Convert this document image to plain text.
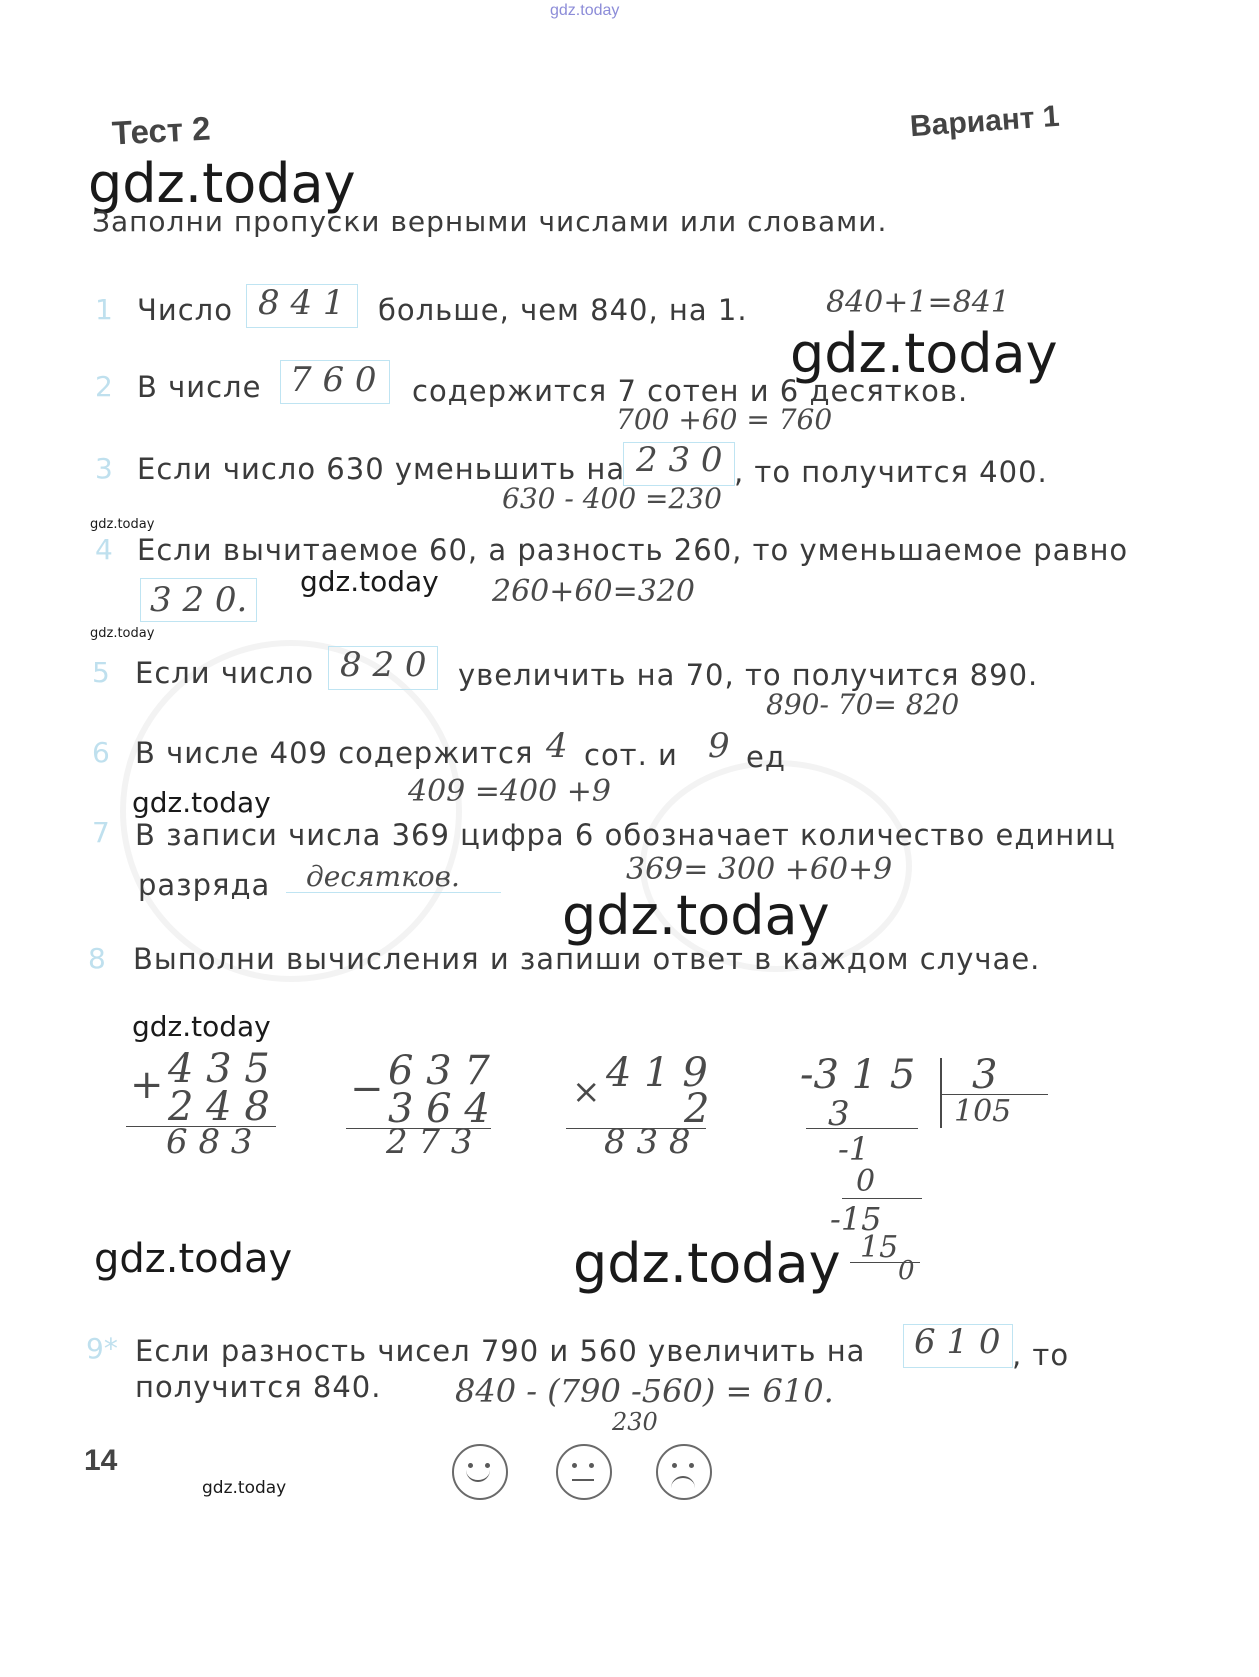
gdz.today
Тест 2	Вариант 1
gdz.today
Заполни пропуски верными числами или словами.
1 Число 8 4 1 больше, чем 840, на 1.	840+1=841
gdz.today
2 В числе 7 6 0 содержится 7 сотен и 6 десятков.
700 +60 = 760
3 Если число 630 уменьшить на 2 3 0 , то получится 400.
630 - 400 =230
gdz.today
4 Если вычитаемое 60, а разность 260, то уменьшаемое равно
3 2 0. gdz.today 260+60=320
gdz.today
5 Если число 8 2 0 увеличить на 70, то получится 890.
890- 70= 820
6 В числе 409 содержится 4 сот. и 9 ед
409 =400 +9
gdz.today
7 В записи числа 369 цифра 6 обозначает количество единиц
разряда десятков.	369= 300 +60+9
gdz.today
8 Выполни вычисления и запиши ответ в каждом случае.
gdz.today
+ 4 3 5
2 4 8
6 8 3
− 6 3 7
3 6 4
2 7 3
× 4 1 9
2
8 3 8
-3 1 5 3
105
3
-1
0
-15
15
0
gdz.today	gdz.today
9* Если разность чисел 790 и 560 увеличить на 6 1 0 , то
получится 840. 840 - (790 -560) = 610.
230
14
gdz.today
